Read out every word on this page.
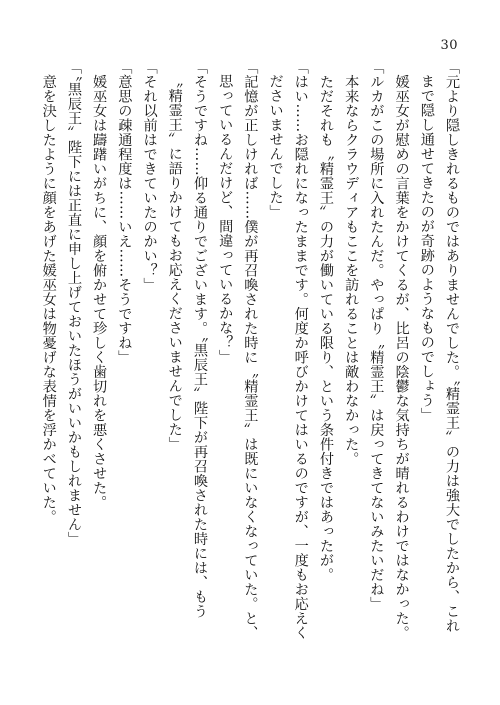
30
「元より隠しきれるものではありませんでした。〝精霊王〟の力は強大でしたから、これ
まで隠し通せてきたのが奇跡のようなものでしょう」
　媛巫女が慰めの言葉をかけてくるが、比呂の陰鬱な気持ちが晴れるわけではなかった。
「ルカがこの場所に入れたんだ。やっぱり〝精霊王〟は戻ってきてないみたいだね」
　本来ならクラウディアもここを訪れることは敵わなかった。
　ただそれも〝精霊王〟の力が働いている限り、という条件付きではあったが。
「はい……お隠れになったままです。何度か呼びかけてはいるのですが、一度もお応えく
ださいませんでした」
「記憶が正しければ……僕が再召喚された時に〝精霊王〟は既にいなくなっていた。と、
思っているんだけど、間違っているかな？」
「そうですね……仰る通りでございます。〝黒辰王〟陛下が再召喚された時には、もう
〝精霊王〟に語りかけてもお応えくださいませんでした」
「それ以前はできていたのかい？」
「意思の疎通程度は……いえ……そうですね」
　媛巫女は躊躇いがちに、顔を俯かせて珍しく歯切れを悪くさせた。
「〝黒辰王〟陛下には正直に申し上げておいたほうがいいかもしれません」
　意を決したように顔をあげた媛巫女は物憂げな表情を浮かべていた。
